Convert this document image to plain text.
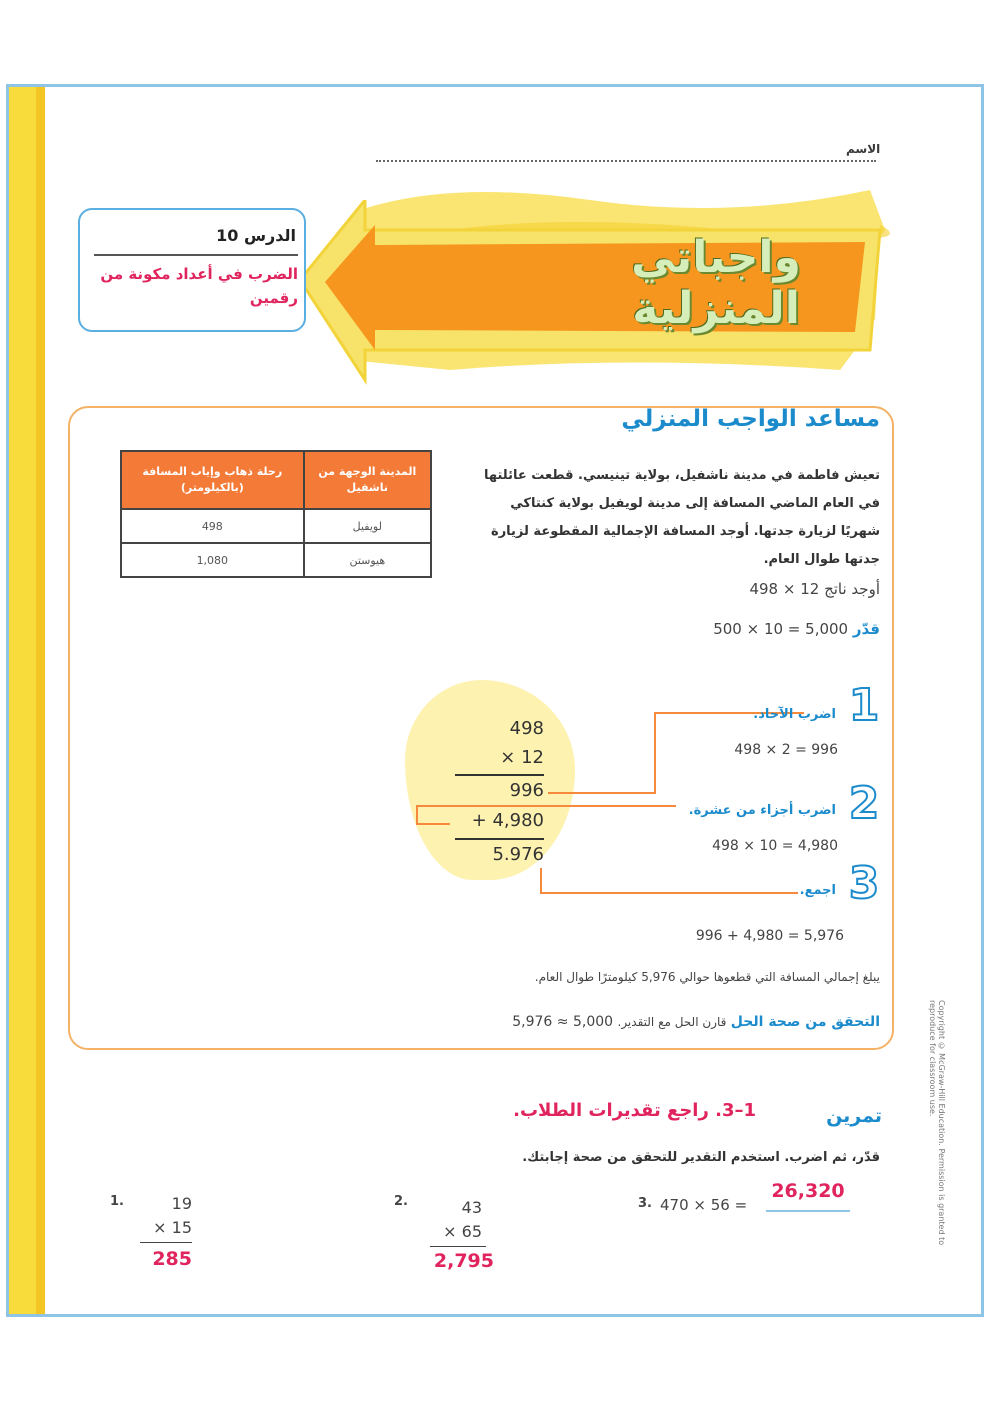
الاسم
واجباتي المنزلية
الدرس 10
الضرب في أعداد مكونة من رقمين
مساعد الواجب المنزلي
رحلة ذهاب وإياب المسافة (بالكيلومتر)	المدينة الوجهة من ناشفيل
498	لويفيل
1,080	هيوستن
تعيش فاطمة في مدينة ناشفيل، بولاية تينيسي. قطعت عائلتها في العام الماضي المسافة إلى مدينة لويفيل بولاية كنتاكي شهريًا لزيارة جدتها. أوجد المسافة الإجمالية المقطوعة لزيارة جدتها طوال العام.
أوجد ناتج 498 × 12
قدّر 500 × 10 = 5,000
498
× 12
996
+ 4,980
5.976
1
اضرب الآحاد.
498 × 2 = 996
2
اضرب أجزاء من عشرة.
498 × 10 = 4,980
3
اجمع.
996 + 4,980 = 5,976
يبلغ إجمالي المسافة التي قطعوها حوالي 5,976 كيلومترًا طوال العام.
التحقق من صحة الحل قارن الحل مع التقدير. 5,976 ≈ 5,000	Copyright © McGraw-Hill Education. Permission is granted to reproduce for classroom use.
تمرين
1–3. راجع تقديرات الطلاب.
قدّر، ثم اضرب. استخدم التقدير للتحقق من صحة إجابتك.
1.	19
× 15
285
2.	43
× 65
2,795
3. 470 × 56 =
26,320
